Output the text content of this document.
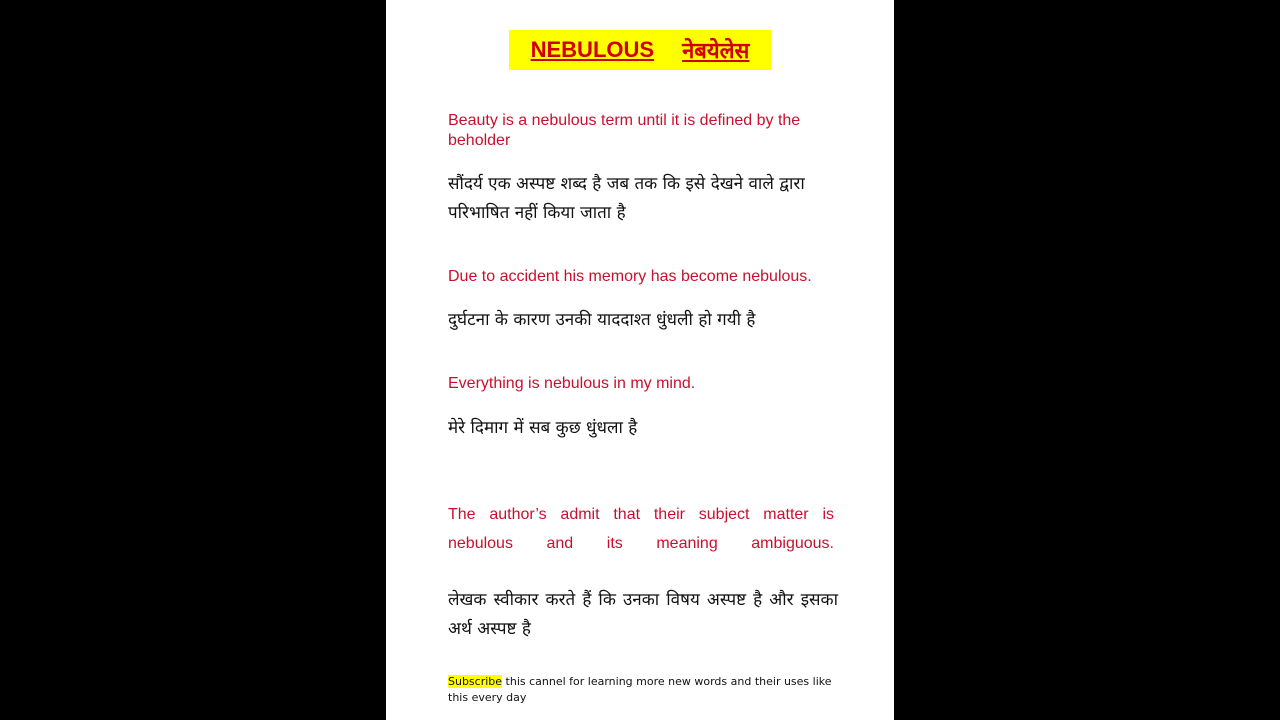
NEBULOUS नेबयेलेस
Beauty is a nebulous term until it is defined by the beholder
सौंदर्य एक अस्पष्ट शब्द है जब तक कि इसे देखने वाले द्वारा परिभाषित नहीं किया जाता है
Due to accident his memory has become nebulous.
दुर्घटना के कारण उनकी याददाश्त धुंधली हो गयी है
Everything is nebulous in my mind.
मेरे दिमाग में सब कुछ धुंधला है
The author’s admit that their subject matter is nebulous and its meaning ambiguous.
लेखक स्वीकार करते हैं कि उनका विषय अस्पष्ट है और इसका अर्थ अस्पष्ट है
Subscribe this cannel for learning more new words and their uses like this every day
